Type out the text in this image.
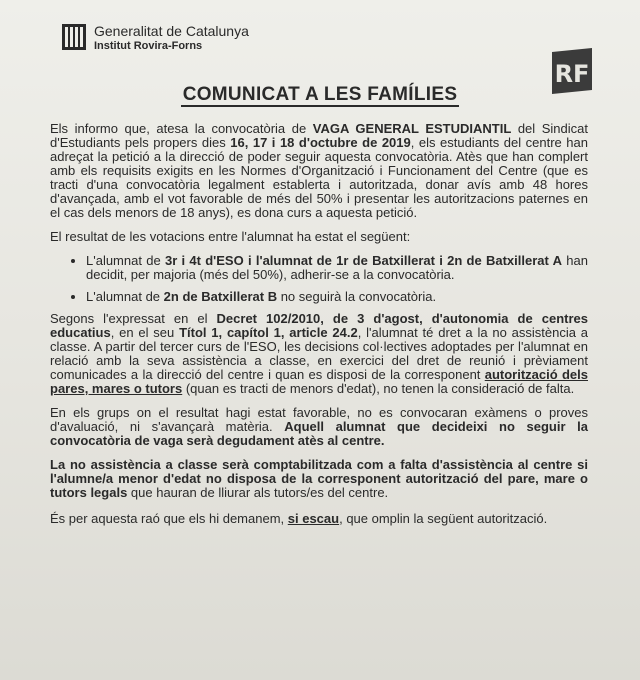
Generalitat de Catalunya
Institut Rovira-Forns
RF
COMUNICAT A LES FAMÍLIES

Els informo que, atesa la convocatòria de VAGA GENERAL ESTUDIANTIL del Sindicat d'Estudiants pels propers dies 16, 17 i 18 d'octubre de 2019, els estudiants del centre han adreçat la petició a la direcció de poder seguir aquesta convocatòria. Atès que han complert amb els requisits exigits en les Normes d'Organització i Funcionament del Centre (que es tracti d'una convocatòria legalment establerta i autoritzada, donar avís amb 48 hores d'avançada, amb el vot favorable de més del 50% i presentar les autoritzacions paternes en el cas dels menors de 18 anys), es dona curs a aquesta petició.

El resultat de les votacions entre l'alumnat ha estat el següent:

• L'alumnat de 3r i 4t d'ESO i l'alumnat de 1r de Batxillerat i 2n de Batxillerat A han decidit, per majoria (més del 50%), adherir-se a la convocatòria.
• L'alumnat de 2n de Batxillerat B no seguirà la convocatòria.

Segons l'expressat en el Decret 102/2010, de 3 d'agost, d'autonomia de centres educatius, en el seu Títol 1, capítol 1, article 24.2, l'alumnat té dret a la no assistència a classe. A partir del tercer curs de l'ESO, les decisions col·lectives adoptades per l'alumnat en relació amb la seva assistència a classe, en exercici del dret de reunió i prèviament comunicades a la direcció del centre i quan es disposi de la corresponent autorització dels pares, mares o tutors (quan es tracti de menors d'edat), no tenen la consideració de falta.

En els grups on el resultat hagi estat favorable, no es convocaran exàmens o proves d'avaluació, ni s'avançarà matèria. Aquell alumnat que decideixi no seguir la convocatòria de vaga serà degudament atès al centre.

La no assistència a classe serà comptabilitzada com a falta d'assistència al centre si l'alumne/a menor d'edat no disposa de la corresponent autorització del pare, mare o tutors legals que hauran de lliurar als tutors/es del centre.

És per aquesta raó que els hi demanem, si escau, que omplin la següent autorització.
